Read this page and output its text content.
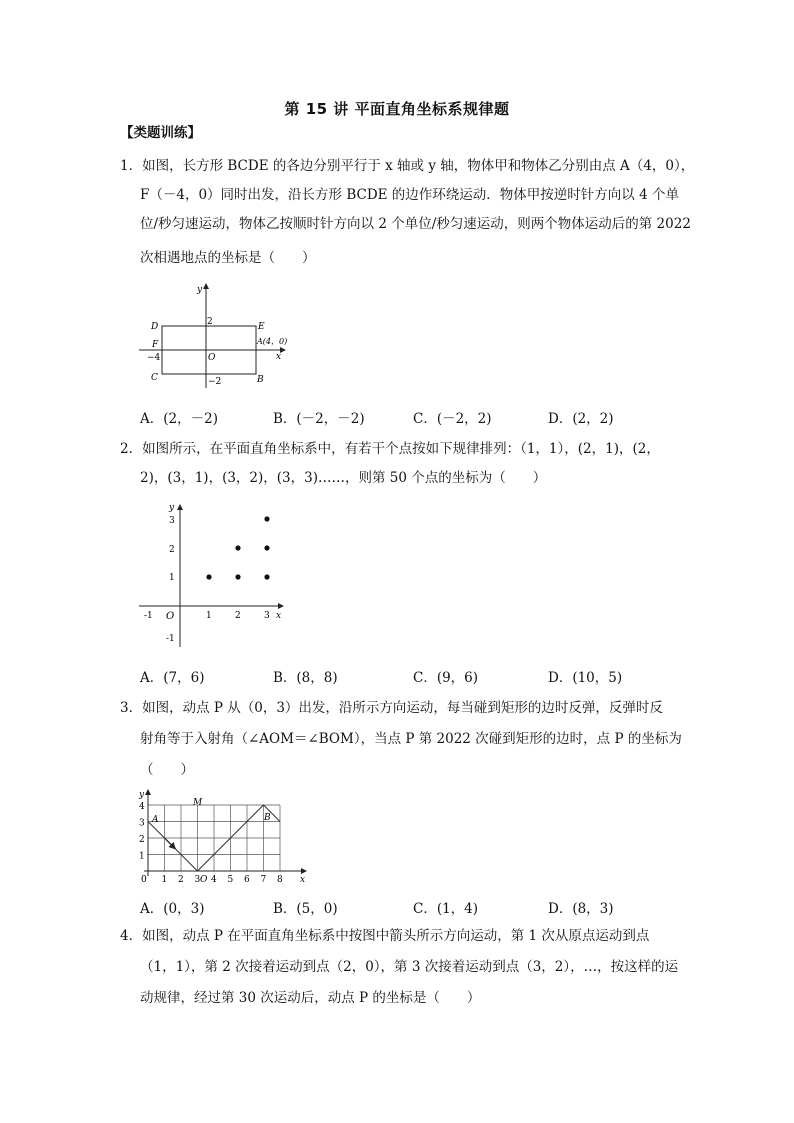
第 15 讲 平面直角坐标系规律题
【类题训练】
1．如图，长方形 BCDE 的各边分别平行于 x 轴或 y 轴，物体甲和物体乙分别由点 A（4，0），
F（－4，0）同时出发，沿长方形 BCDE 的边作环绕运动．物体甲按逆时针方向以 4 个单
位/秒匀速运动，物体乙按顺时针方向以 2 个单位/秒匀速运动，则两个物体运动后的第 2022
次相遇地点的坐标是（　　）
y
2
D	E
F
−4	O
A(4，0)
x
C	−2	B
A．(2，－2)	B．(－2，－2)	C．(－2，2)	D．(2，2)
2．如图所示，在平面直角坐标系中，有若干个点按如下规律排列：（1，1），(2，1)，(2，
2)，(3，1)，(3，2)，(3，3)……，则第 50 个点的坐标为（　　）
y
x
O
-1	1	2	3
3
2
1
-1
A．(7，6)	B．(8，8)	C．(9，6)	D．(10，5)
3．如图，动点 P 从（0，3）出发，沿所示方向运动，每当碰到矩形的边时反弹，反弹时反
射角等于入射角（∠AOM＝∠BOM），当点 P 第 2022 次碰到矩形的边时，点 P 的坐标为
（　　）
y
A
M
B
O	x
0 1 2 3 4 5 6 7 8
1
2
3
4
A．(0，3)	B．(5，0)	C．(1，4)	D．(8，3)
4．如图，动点 P 在平面直角坐标系中按图中箭头所示方向运动，第 1 次从原点运动到点
（1，1），第 2 次接着运动到点（2，0），第 3 次接着运动到点（3，2），…，按这样的运
动规律，经过第 30 次运动后，动点 P 的坐标是（　　）
